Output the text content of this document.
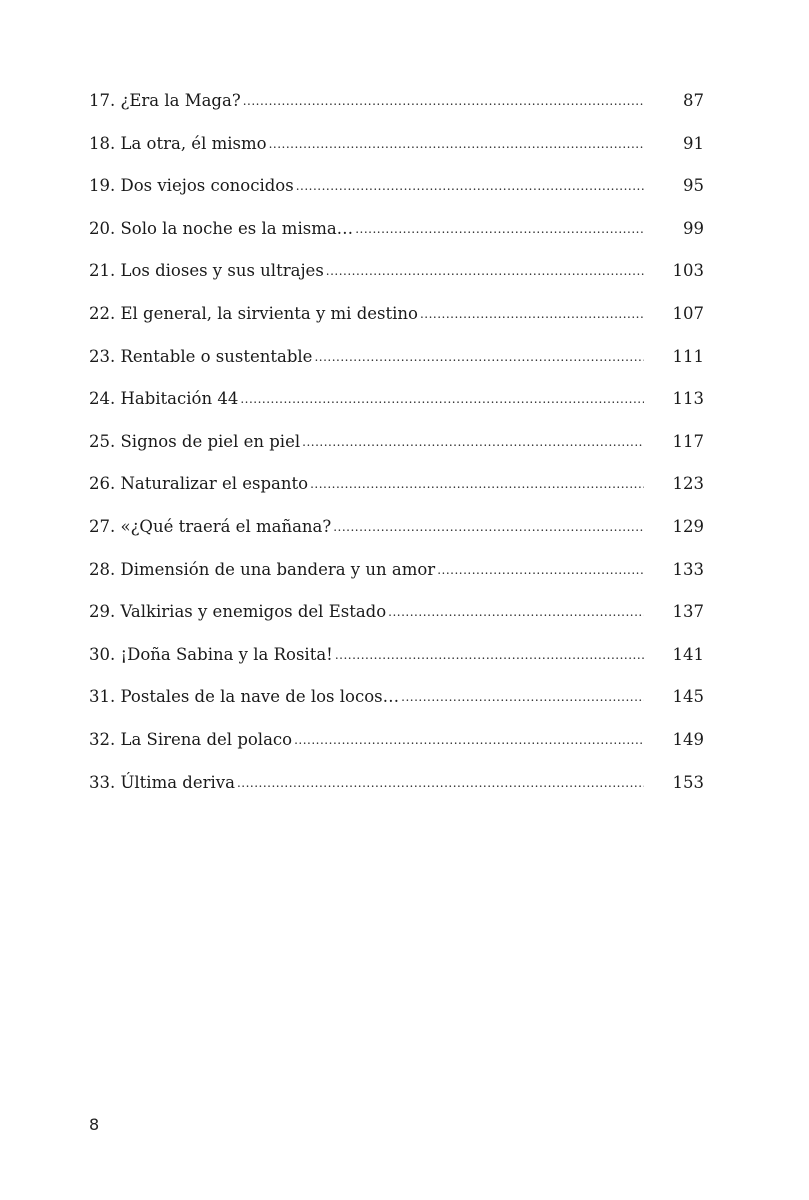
17. ¿Era la Maga? .....	87
18. La otra, él mismo .....	91
19. Dos viejos conocidos .....	95
20. Solo la noche es la misma… .....	99
21. Los dioses y sus ultrajes .....	103
22. El general, la sirvienta y mi destino .....	107
23. Rentable o sustentable .....	111
24. Habitación 44 .....	113
25. Signos de piel en piel .....	117
26. Naturalizar el espanto .....	123
27. «¿Qué traerá el mañana? .....	129
28. Dimensión de una bandera y un amor .....	133
29. Valkirias y enemigos del Estado .....	137
30. ¡Doña Sabina y la Rosita! .....	141
31. Postales de la nave de los locos… .....	145
32. La Sirena del polaco .....	149
33. Última deriva .....	153
8
